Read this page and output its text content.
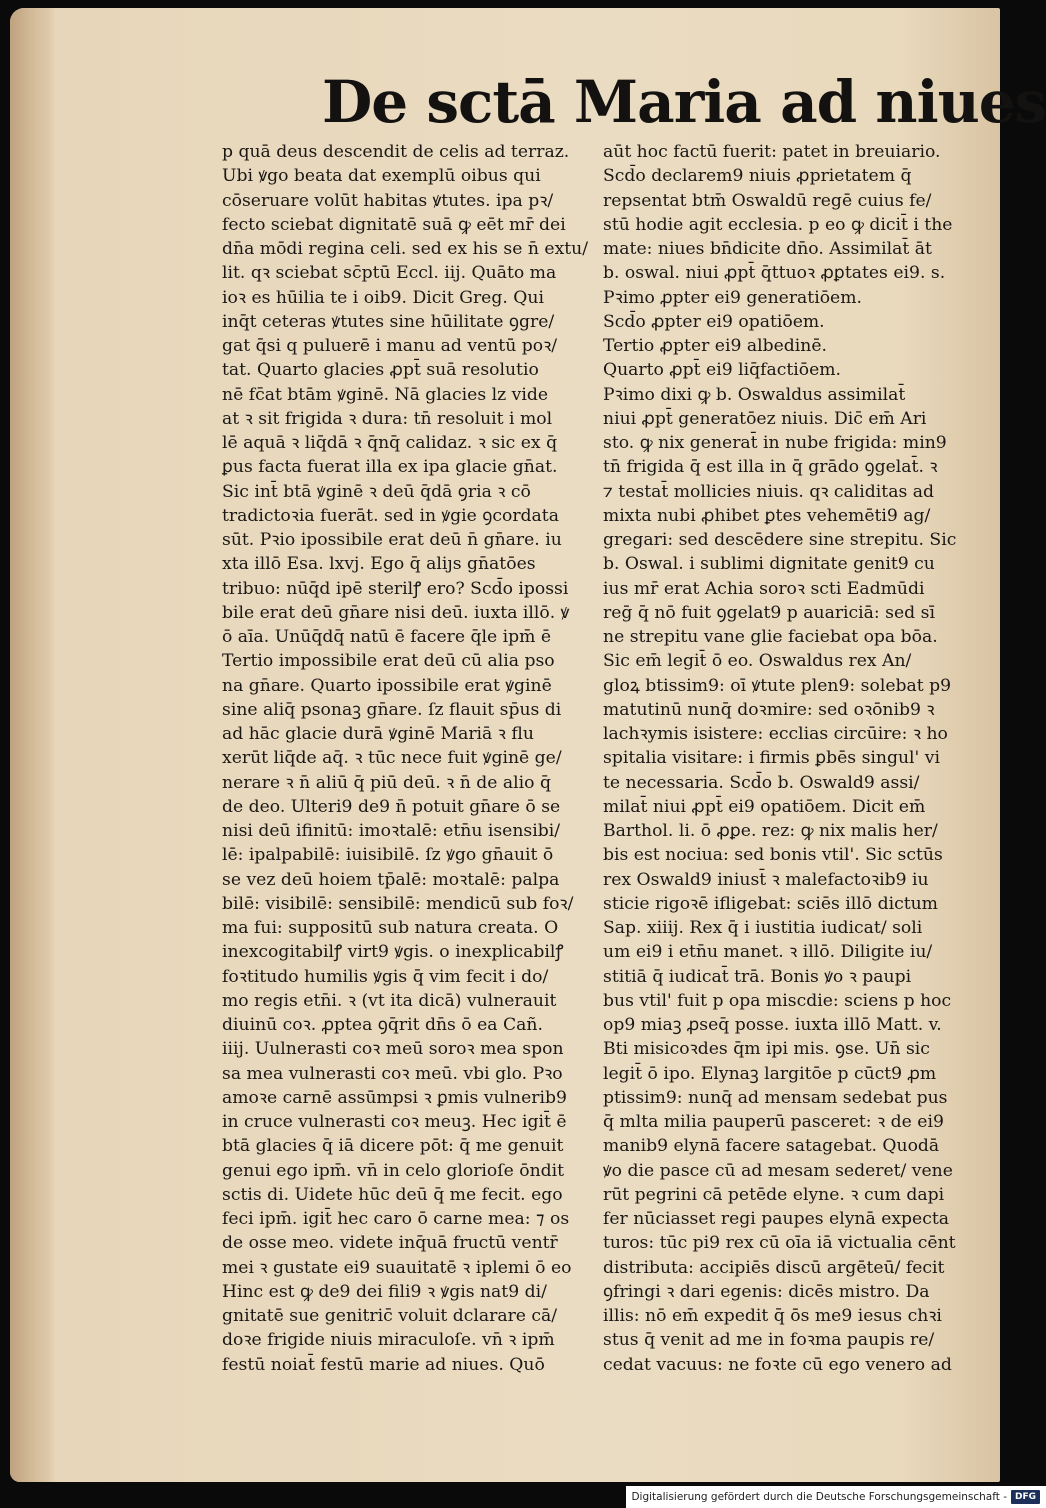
De sctā Maria ad niues
p quā deus descendit de celis ad terraz.
Ubi ꝟgo beata dat exemplū oibus qui
cōseruare volūt habitas ꝟtutes. ipa pꝛ/
fecto sciebat dignitatē suā ꝙ eēt mr̄ dei
dn̄a mōdi regina celi. sed ex his se n̄ extu/
lit. qꝛ sciebat sc̄ptū Eccl. iij. Quāto ma
ioꝛ es hūilia te i oib9. Dicit Greg. Qui
inq̄t ceteras ꝟtutes sine hūilitate ꝯgre/
gat q̄si q puluerē i manu ad ventū poꝛ/
tat. Quarto glacies ꝓpt̄ suā resolutio
nē fc̄at btām ꝟginē. Nā glacies lz vide
at ꝛ sit frigida ꝛ dura: tn̄ resoluit i mol
lē aquā ꝛ liq̄dā ꝛ q̄nq̄ calidaz. ꝛ sic ex q̄
ꝑus facta fuerat illa ex ipa glacie gn̄at.
Sic int̄ btā ꝟginē ꝛ deū q̄dā ꝯria ꝛ cō
tradictoꝛia fuerāt. sed in ꝟgie ꝯcordata
sūt. Pꝛio ipossibile erat deū n̄ gn̄are. iu
xta illō Esa. lxvj. Ego q̄ aliȷs gn̄atōes
tribuo: nūq̄d ipē sterilꝭ ero? Scd̄o ipossi
bile erat deū gn̄are nisi deū. iuxta illō. ꝟ
ō aīa. Unūq̄dq̄ natū ē facere q̄le ipm̄ ē
Tertio impossibile erat deū cū alia pso
na gn̄are. Quarto ipossibile erat ꝟginē
sine aliq̄ psonaꝫ gn̄are. ſz flauit sp̄us di
ad hāc glacie durā ꝟginē Mariā ꝛ flu
xerūt liq̄de aq̄. ꝛ tūc nece fuit ꝟginē ge/
nerare ꝛ n̄ aliū q̄ piū deū. ꝛ n̄ de alio q̄
de deo. Ulteri9 de9 n̄ potuit gn̄are ō se
nisi deū ifinitū: imoꝛtalē: etn̄u isensibi/
lē: ipalpabilē: iuisibilē. ſz ꝟgo gn̄auit ō
se vez deū hoiem tp̄alē: moꝛtalē: palpa
bilē: visibilē: sensibilē: mendicū sub foꝛ/
ma fui: suppositū sub natura creata. O
inexcogitabilꝭ virt9 ꝟgis. o inexplicabilꝭ
foꝛtitudo humilis ꝟgis q̄ vim fecit i do/
mo regis etn̄i. ꝛ (vt ita dicā) vulnerauit
diuinū coꝛ. ꝓptea ꝯq̄rit dn̄s ō ea Cañ.
iiij. Uulnerasti coꝛ meū soroꝛ mea spon
sa mea vulnerasti coꝛ meū. vbi glo. Pꝛo
amoꝛe carnē assūmpsi ꝛ ꝑmis vulnerib9
in cruce vulnerasti coꝛ meuꝫ. Hec igit̄ ē
btā glacies q̄ iā dicere pōt: q̄ me genuit
genui ego ipm̄. vn̄ in celo glorioſe ōndit
sctis di. Uidete hūc deū q̄ me fecit. ego
feci ipm̄. igit̄ hec caro ō carne mea: ⁊ os
de osse meo. videte inq̄uā fructū ventr̄
mei ꝛ gustate ei9 suauitatē ꝛ iplemi ō eo
Hinc est ꝙ de9 dei fili9 ꝛ ꝟgis nat9 di/
gnitatē sue genitric̄ voluit dclarare cā/
doꝛe frigide niuis miraculoſe. vn̄ ꝛ ipm̄
festū noiat̄ festū marie ad niues. Quō
aūt hoc factū fuerit: patet in breuiario.
Scd̄o declarem9 niuis ꝓprietatem q̄
repsentat btm̄ Oswaldū regē cuius fe/
stū hodie agit ecclesia. p eo ꝙ dicit̄ i the
mate: niues bn̄dicite dn̄o. Assimilat̄ āt
b. oswal. niui ꝓpt̄ q̄ttuoꝛ ꝓꝑtates ei9. s.
Pꝛimo ꝓpter ei9 generatiōem.
Scd̄o ꝓpter ei9 opatiōem.
Tertio ꝓpter ei9 albedinē.
Quarto ꝓpt̄ ei9 liq̄factiōem.
Pꝛimo dixi ꝙ b. Oswaldus assimilat̄
niui ꝓpt̄ generatōez niuis. Dic̄ em̄ Ari
sto. ꝙ nix generat̄ in nube frigida: min9
tn̄ frigida q̄ est illa in q̄ grādo ꝯgelat̄. ꝛ
⁊ testat̄ mollicies niuis. qꝛ caliditas ad
mixta nubi ꝓhibet ꝑtes vehemēti9 ag/
gregari: sed descēdere sine strepitu. Sic
b. Oswal. i sublimi dignitate genit9 cu
ius mr̄ erat Achia soroꝛ scti Eadmūdi
reḡ q̄ nō fuit ꝯgelat9 p auariciā: sed sī
ne strepitu vane glie faciebat opa bōa.
Sic em̄ legit̄ ō eo. Oswaldus rex An/
gloꝝ btissim9: oī ꝟtute plen9: solebat p9
matutinū nunq̄ doꝛmire: sed oꝛōnib9 ꝛ
lachꝛymis isistere: ecclias circūire: ꝛ ho
spitalia visitare: i firmis ꝑbēs singul' vi
te necessaria. Scd̄o b. Oswald9 assi/
milat̄ niui ꝓpt̄ ei9 opatiōem. Dicit em̄
Barthol. li. ō ꝓꝑe. rez: ꝙ nix malis her/
bis est nociua: sed bonis vtil'. Sic sctūs
rex Oswald9 iniust̄ ꝛ malefactoꝛib9 iu
sticie rigoꝛē ifligebat: sciēs illō dictum
Sap. xiiij. Rex q̄ i iustitia iudicat/ soli
um ei9 i etn̄u manet. ꝛ illō. Diligite iu/
stitiā q̄ iudicat̄ trā. Bonis ꝟo ꝛ paupi
bus vtil' fuit p opa miscdie: sciens p hoc
op9 miaꝫ ꝓseq̄ posse. iuxta illō Matt. v.
Bti misicoꝛdes q̄m ipi mis. ꝯse. Un̄ sic
legit̄ ō ipo. Elynaꝫ largitōe p cūct9 ꝓm
ptissim9: nunq̄ ad mensam sedebat pus
q̄ mlta milia pauperū pasceret: ꝛ de ei9
manib9 elynā facere satagebat. Quodā
ꝟo die pasce cū ad mesam sederet/ vene
rūt pegrini cā petēde elyne. ꝛ cum dapi
fer nūciasset regi paupes elynā expecta
turos: tūc pi9 rex cū oīa iā victualia cēnt
distributa: accipiēs discū argēteū/ fecit
ꝯfringi ꝛ dari egenis: dicēs mistro. Da
illis: nō em̄ expedit q̄ ōs me9 iesus chꝛi
stus q̄ venit ad me in foꝛma paupis re/
cedat vacuus: ne foꝛte cū ego venero ad
Digitalisierung gefördert durch die Deutsche Forschungsgemeinschaft - DFG
